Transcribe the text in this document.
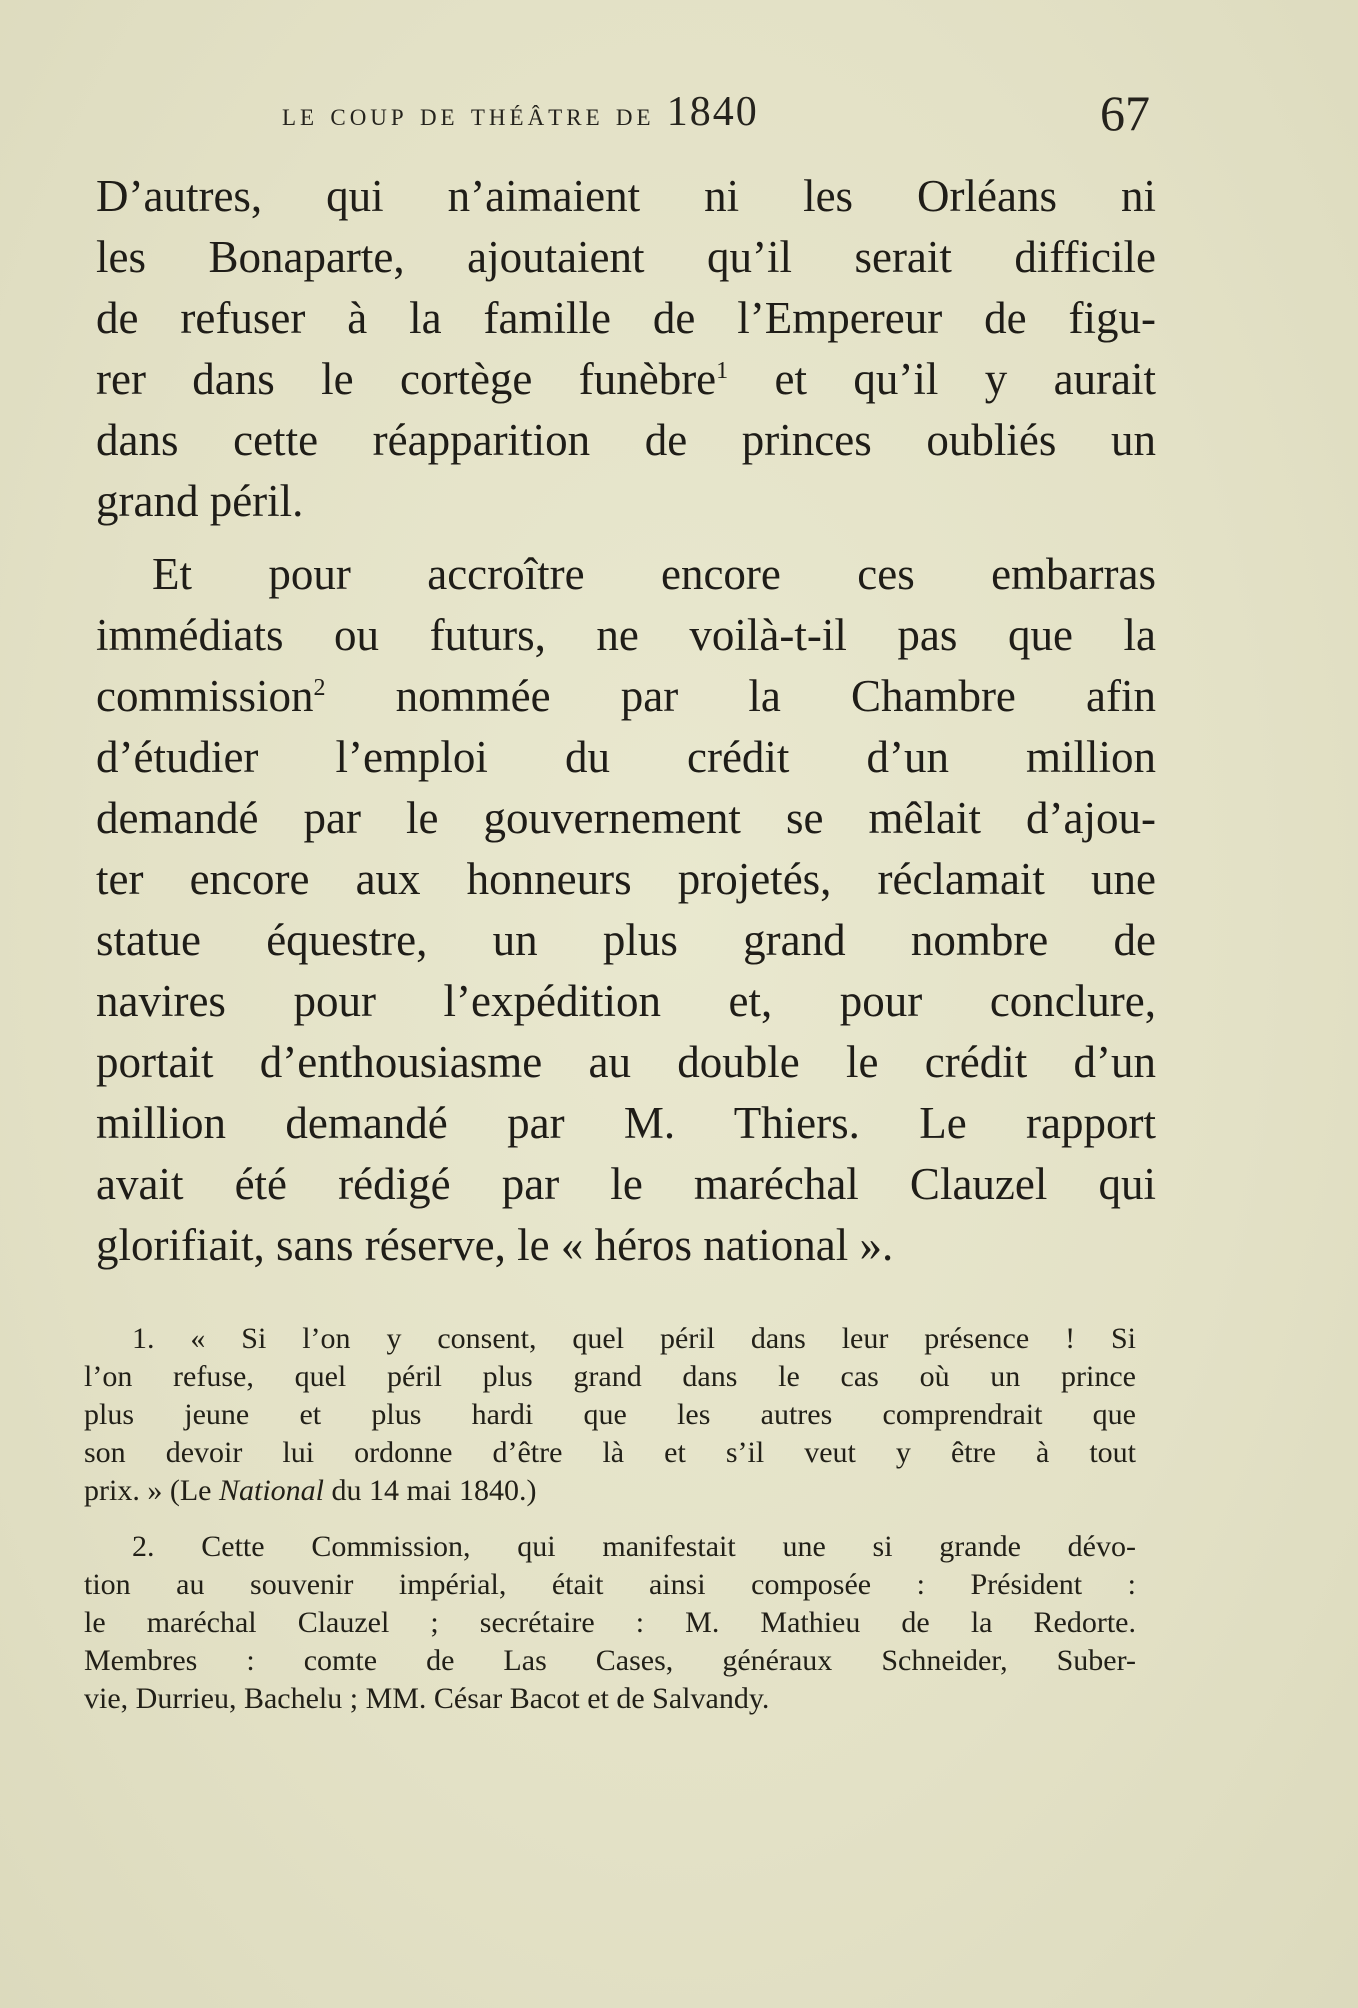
le coup de théâtre de 1840	67
D’autres, qui n’aimaient ni les Orléans ni
les Bonaparte, ajoutaient qu’il serait difficile
de refuser à la famille de l’Empereur de figu-
rer dans le cortège funèbre$^1$ et qu’il y aurait
dans cette réapparition de princes oubliés un
grand péril.
Et pour accroître encore ces embarras
immédiats ou futurs, ne voilà-t-il pas que la
commission$^2$ nommée par la Chambre afin
d’étudier l’emploi du crédit d’un million
demandé par le gouvernement se mêlait d’ajou-
ter encore aux honneurs projetés, réclamait une
statue équestre, un plus grand nombre de
navires pour l’expédition et, pour conclure,
portait d’enthousiasme au double le crédit d’un
million demandé par M. Thiers. Le rapport
avait été rédigé par le maréchal Clauzel qui
glorifiait, sans réserve, le « héros national ».
1. « Si l’on y consent, quel péril dans leur présence ! Si
l’on refuse, quel péril plus grand dans le cas où un prince
plus jeune et plus hardi que les autres comprendrait que
son devoir lui ordonne d’être là et s’il veut y être à tout
prix. » (Le National du 14 mai 1840.)
2. Cette Commission, qui manifestait une si grande dévo-
tion au souvenir impérial, était ainsi composée : Président :
le maréchal Clauzel ; secrétaire : M. Mathieu de la Redorte.
Membres : comte de Las Cases, généraux Schneider, Suber-
vie, Durrieu, Bachelu ; MM. César Bacot et de Salvandy.
